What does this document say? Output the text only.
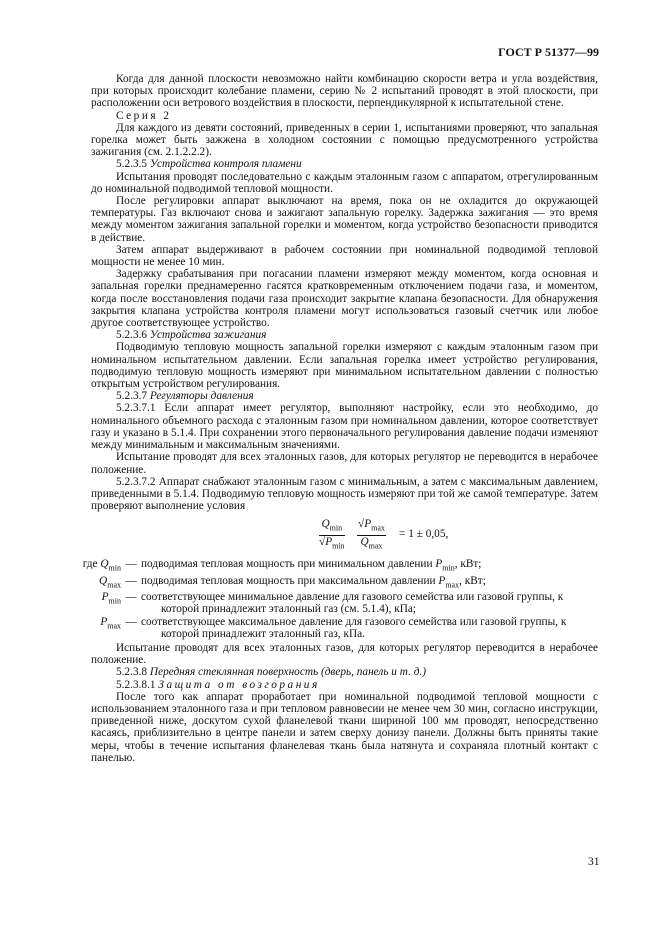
ГОСТ Р 51377—99

Когда для данной плоскости невозможно найти комбинацию скорости ветра и угла воздействия, при которых происходит колебание пламени, серию № 2 испытаний проводят в этой плоскости, при расположении оси ветрового воздействия в плоскости, перпендикулярной к испытательной стене.

Серия 2

Для каждого из девяти состояний, приведенных в серии 1, испытаниями проверяют, что запальная горелка может быть зажжена в холодном состоянии с помощью предусмотренного устройства зажигания (см. 2.1.2.2.2).

5.2.3.5 Устройства контроля пламени

Испытания проводят последовательно с каждым эталонным газом с аппаратом, отрегулированным до номинальной подводимой тепловой мощности.

После регулировки аппарат выключают на время, пока он не охладится до окружающей температуры. Газ включают снова и зажигают запальную горелку. Задержка зажигания — это время между моментом зажигания запальной горелки и моментом, когда устройство безопасности приводится в действие.

Затем аппарат выдерживают в рабочем состоянии при номинальной подводимой тепловой мощности не менее 10 мин.

Задержку срабатывания при погасании пламени измеряют между моментом, когда основная и запальная горелки преднамеренно гасятся кратковременным отключением подачи газа, и моментом, когда после восстановления подачи газа происходит закрытие клапана безопасности. Для обнаружения закрытия клапана устройства контроля пламени могут использоваться газовый счетчик или любое другое соответствующее устройство.

5.2.3.6 Устройства зажигания

Подводимую тепловую мощность запальной горелки измеряют с каждым эталонным газом при номинальном испытательном давлении. Если запальная горелка имеет устройство регулирования, подводимую тепловую мощность измеряют при минимальном испытательном давлении с полностью открытым устройством регулирования.

5.2.3.7 Регуляторы давления

5.2.3.7.1 Если аппарат имеет регулятор, выполняют настройку, если это необходимо, до номинального объемного расхода с эталонным газом при номинальном давлении, которое соответствует газу и указано в 5.1.4. При сохранении этого первоначального регулирования давление подачи изменяют между минимальным и максимальным значениями.

Испытание проводят для всех эталонных газов, для которых регулятор не переводится в нерабочее положение.

5.2.3.7.2 Аппарат снабжают эталонным газом с минимальным, а затем с максимальным давлением, приведенными в 5.1.4. Подводимую тепловую мощность измеряют при той же самой температуре. Затем проверяют выполнение условия

$Q_{min}$
$√P_{min}$
$√P_{max}$
$Q_{max}$
= 1 ± 0,05,
где $Q_{min}$ — подводимая тепловая мощность при минимальном давлении $P_{min}$, кВт;
$Q_{max}$ — подводимая тепловая мощность при максимальном давлении $P_{max}$, кВт;
$P_{min}$ — соответствующее минимальное давление для газового семейства или газовой группы, к
которой принадлежит эталонный газ (см. 5.1.4), кПа;
$P_{max}$ — соответствующее максимальное давление для газового семейства или газовой группы, к
которой принадлежит эталонный газ, кПа.

Испытание проводят для всех эталонных газов, для которых регулятор переводится в нерабочее положение.

5.2.3.8 Передняя стеклянная поверхность (дверь, панель и т. д.)

5.2.3.8.1 Защита от возгорания

После того как аппарат проработает при номинальной подводимой тепловой мощности с использованием эталонного газа и при тепловом равновесии не менее чем 30 мин, согласно инструкции, приведенной ниже, доскутом сухой фланелевой ткани шириной 100 мм проводят, непосредственно касаясь, приблизительно в центре панели и затем сверху донизу панели. Должны быть приняты такие меры, чтобы в течение испытания фланелевая ткань была натянута и сохраняла плотный контакт с панелью.

31
